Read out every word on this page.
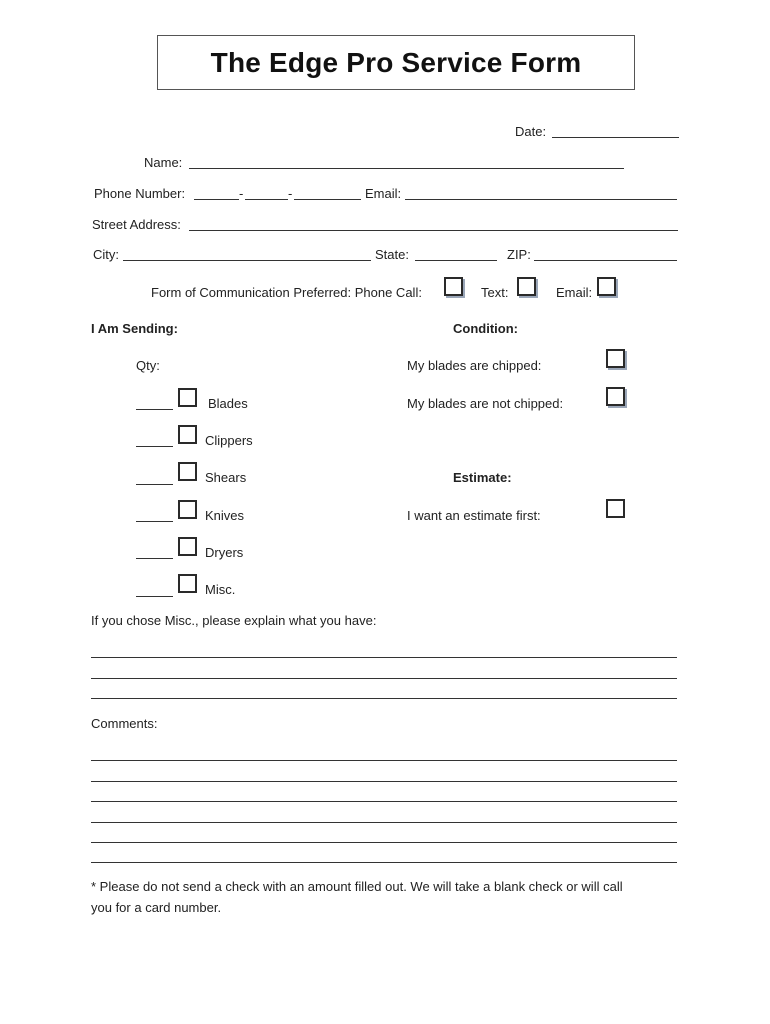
The Edge Pro Service Form
Date:
Name:
Phone Number:	-	-	Email:
Street Address:
City:	State:	ZIP:
Form of Communication Preferred: Phone Call:	Text:	Email:
I Am Sending:	Condition:
Qty:
Blades
Clippers
Shears
Knives
Dryers
Misc.
My blades are chipped:
My blades are not chipped:
Estimate:
I want an estimate first:
If you chose Misc., please explain what you have:
Comments:
* Please do not send a check with an amount filled out. We will take a blank check or will call
you for a card number.
